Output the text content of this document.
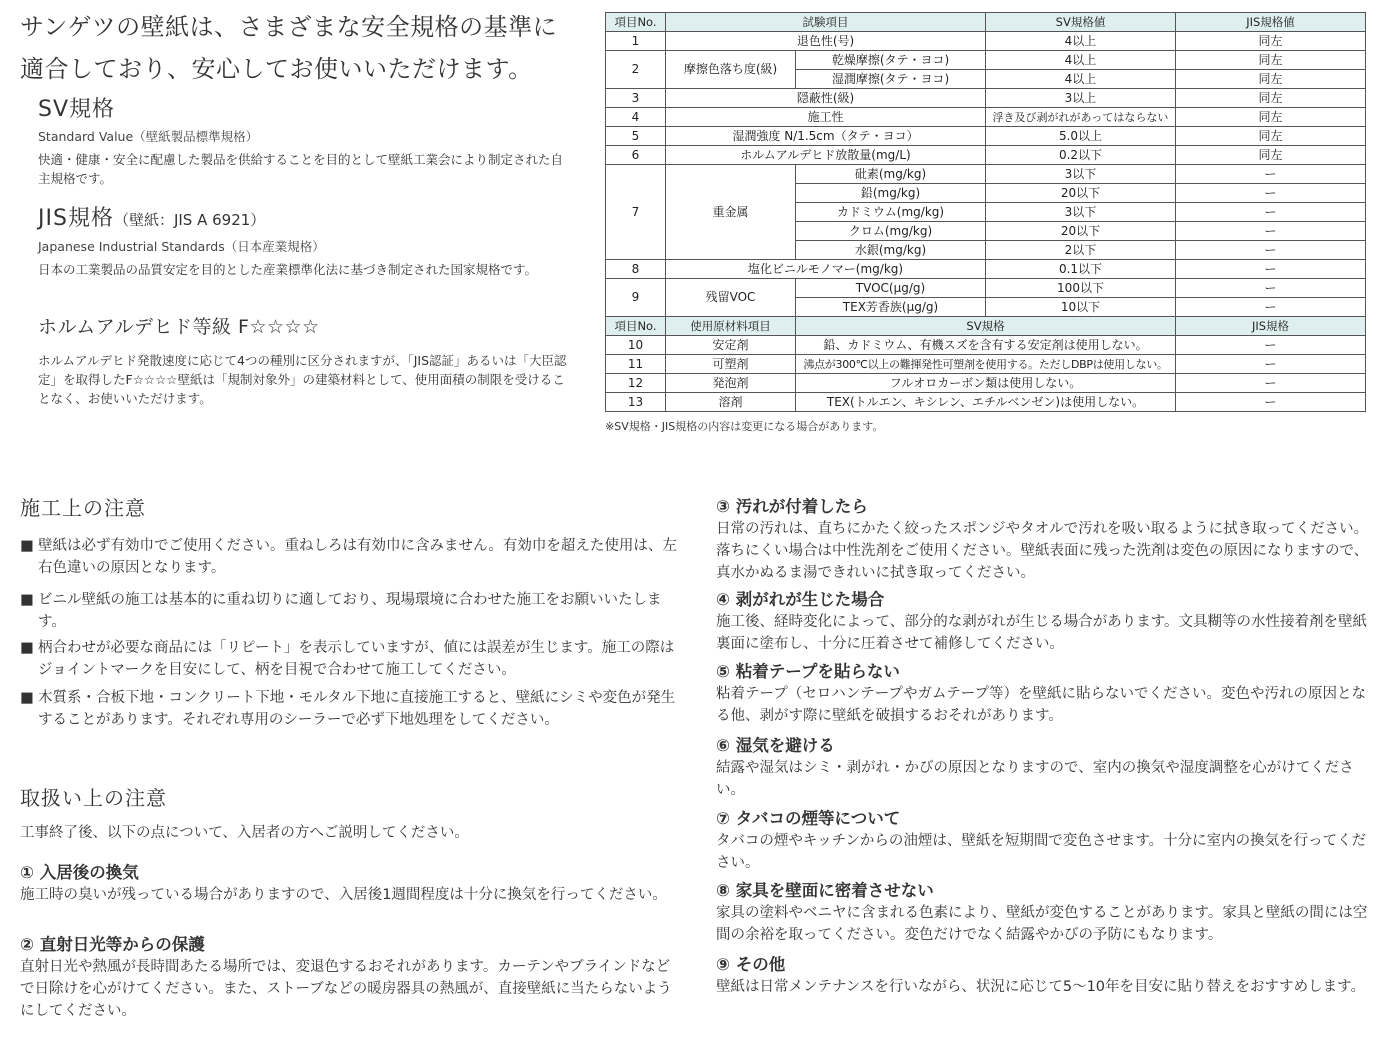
サンゲツの壁紙は、さまざまな安全規格の基準に適合しており、安心してお使いいただけます。
SV規格
Standard Value（壁紙製品標準規格）
快適・健康・安全に配慮した製品を供給することを目的として壁紙工業会により制定された自主規格です。
JIS規格（壁紙：JIS A 6921）
Japanese Industrial Standards（日本産業規格）
日本の工業製品の品質安定を目的とした産業標準化法に基づき制定された国家規格です。
ホルムアルデヒド等級 F☆☆☆☆
ホルムアルデヒド発散速度に応じて4つの種別に区分されますが、「JIS認証」あるいは「大臣認定」を取得したF☆☆☆☆壁紙は「規制対象外」の建築材料として、使用面積の制限を受けることなく、お使いいただけます。
項目No.	試験項目		SV規格値	JIS規格値
1	退色性(号)		4以上	同左
2	摩擦色落ち度(級)	乾燥摩擦(タテ・ヨコ)	4以上	同左
		湿潤摩擦(タテ・ヨコ)	4以上	同左
3	隠蔽性(級)		3以上	同左
4	施工性		浮き及び剥がれがあってはならない	同左
5	湿潤強度 N/1.5cm（タテ・ヨコ）		5.0以上	同左
6	ホルムアルデヒド放散量(mg/L)		0.2以下	同左
7	重金属	砒素(mg/kg)	3以下	ー
		鉛(mg/kg)	20以下	ー
		カドミウム(mg/kg)	3以下	ー
		クロム(mg/kg)	20以下	ー
		水銀(mg/kg)	2以下	ー
8	塩化ビニルモノマー(mg/kg)		0.1以下	ー
9	残留VOC	TVOC(μg/g)	100以下	ー
		TEX芳香族(μg/g)	10以下	ー
項目No.	使用原材料項目	SV規格		JIS規格
10	安定剤	鉛、カドミウム、有機スズを含有する安定剤は使用しない。		ー
11	可塑剤	沸点が300℃以上の難揮発性可塑剤を使用する。ただしDBPは使用しない。		ー
12	発泡剤	フルオロカーボン類は使用しない。		ー
13	溶剤	TEX(トルエン、キシレン、エチルベンゼン)は使用しない。		ー
※SV規格・JIS規格の内容は変更になる場合があります。
施工上の注意
■ 壁紙は必ず有効巾でご使用ください。重ねしろは有効巾に含みません。有効巾を超えた使用は、左右色違いの原因となります。
■ ビニル壁紙の施工は基本的に重ね切りに適しており、現場環境に合わせた施工をお願いいたします。
■ 柄合わせが必要な商品には「リピート」を表示していますが、値には誤差が生じます。施工の際はジョイントマークを目安にして、柄を目視で合わせて施工してください。
■ 木質系・合板下地・コンクリート下地・モルタル下地に直接施工すると、壁紙にシミや変色が発生することがあります。それぞれ専用のシーラーで必ず下地処理をしてください。
取扱い上の注意
工事終了後、以下の点について、入居者の方へご説明してください。
① 入居後の換気
施工時の臭いが残っている場合がありますので、入居後1週間程度は十分に換気を行ってください。
② 直射日光等からの保護
直射日光や熱風が長時間あたる場所では、変退色するおそれがあります。カーテンやブラインドなどで日除けを心がけてください。また、ストーブなどの暖房器具の熱風が、直接壁紙に当たらないようにしてください。
③ 汚れが付着したら
日常の汚れは、直ちにかたく絞ったスポンジやタオルで汚れを吸い取るように拭き取ってください。落ちにくい場合は中性洗剤をご使用ください。壁紙表面に残った洗剤は変色の原因になりますので、真水かぬるま湯できれいに拭き取ってください。
④ 剥がれが生じた場合
施工後、経時変化によって、部分的な剥がれが生じる場合があります。文具糊等の水性接着剤を壁紙裏面に塗布し、十分に圧着させて補修してください。
⑤ 粘着テープを貼らない
粘着テープ（セロハンテープやガムテープ等）を壁紙に貼らないでください。変色や汚れの原因となる他、剥がす際に壁紙を破損するおそれがあります。
⑥ 湿気を避ける
結露や湿気はシミ・剥がれ・かびの原因となりますので、室内の換気や湿度調整を心がけてください。
⑦ タバコの煙等について
タバコの煙やキッチンからの油煙は、壁紙を短期間で変色させます。十分に室内の換気を行ってください。
⑧ 家具を壁面に密着させない
家具の塗料やベニヤに含まれる色素により、壁紙が変色することがあります。家具と壁紙の間には空間の余裕を取ってください。変色だけでなく結露やかびの予防にもなります。
⑨ その他
壁紙は日常メンテナンスを行いながら、状況に応じて5～10年を目安に貼り替えをおすすめします。
